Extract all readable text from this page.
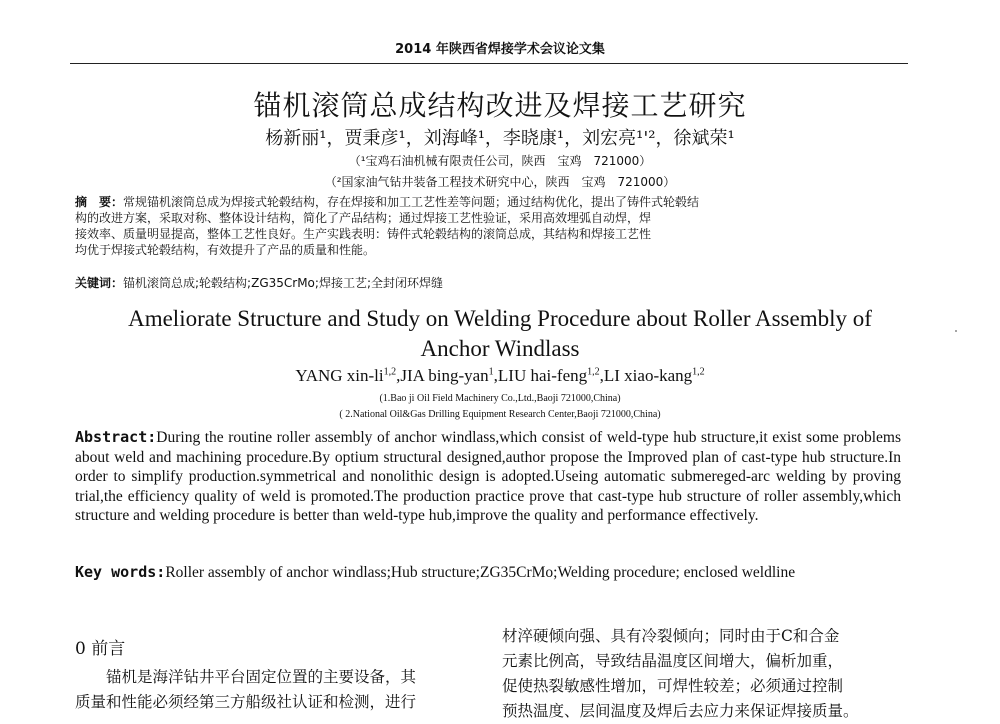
2014 年陕西省焊接学术会议论文集
锚机滚筒总成结构改进及焊接工艺研究
杨新丽¹，贾秉彦¹，刘海峰¹，李晓康¹，刘宏亮¹'²，徐斌荣¹
（¹宝鸡石油机械有限责任公司，陕西　宝鸡　721000）
（²国家油气钻井装备工程技术研究中心，陕西　宝鸡　721000）

摘　要：常规锚机滚筒总成为焊接式轮毂结构，存在焊接和加工工艺性差等问题；通过结构优化，提出了铸件式轮毂结

构的改进方案，采取对称、整体设计结构，简化了产品结构；通过焊接工艺性验证，采用高效埋弧自动焊，焊

接效率、质量明显提高，整体工艺性良好。生产实践表明：铸件式轮毂结构的滚筒总成，其结构和焊接工艺性

均优于焊接式轮毂结构，有效提升了产品的质量和性能。

关键词：锚机滚筒总成;轮毂结构;ZG35CrMo;焊接工艺;全封闭环焊缝
Ameliorate Structure and Study on Welding Procedure about Roller Assembly of
Anchor Windlass
YANG xin-li$^{1,2}$,JIA bing-yan$^1$,LIU hai-feng$^{1,2}$,LI xiao-kang$^{1,2}$
(1.Bao ji Oil Field Machinery Co.,Ltd.,Baoji 721000,China)
( 2.National Oil&Gas Drilling Equipment Research Center,Baoji 721000,China)
Abstract:During the routine roller assembly of anchor windlass,which consist of weld-type hub structure,it exist some problems about weld and machining procedure.By optium structural designed,author propose the Improved plan of cast-type hub structure.In order to simplify production.symmetrical and nonolithic design is adopted.Useing automatic submereged-arc welding by proving trial,the efficiency quality of weld is promoted.The production practice prove that cast-type hub structure of roller assembly,which structure and welding procedure is better than weld-type hub,improve the quality and performance effectively.
Key words:Roller assembly of anchor windlass;Hub structure;ZG35CrMo;Welding procedure; enclosed weldline
0 前言

锚机是海洋钻井平台固定位置的主要设备，其

质量和性能必须经第三方船级社认证和检测，进行

材淬硬倾向强、具有冷裂倾向；同时由于C和合金

元素比例高，导致结晶温度区间增大，偏析加重，

促使热裂敏感性增加，可焊性较差；必须通过控制

预热温度、层间温度及焊后去应力来保证焊接质量。
